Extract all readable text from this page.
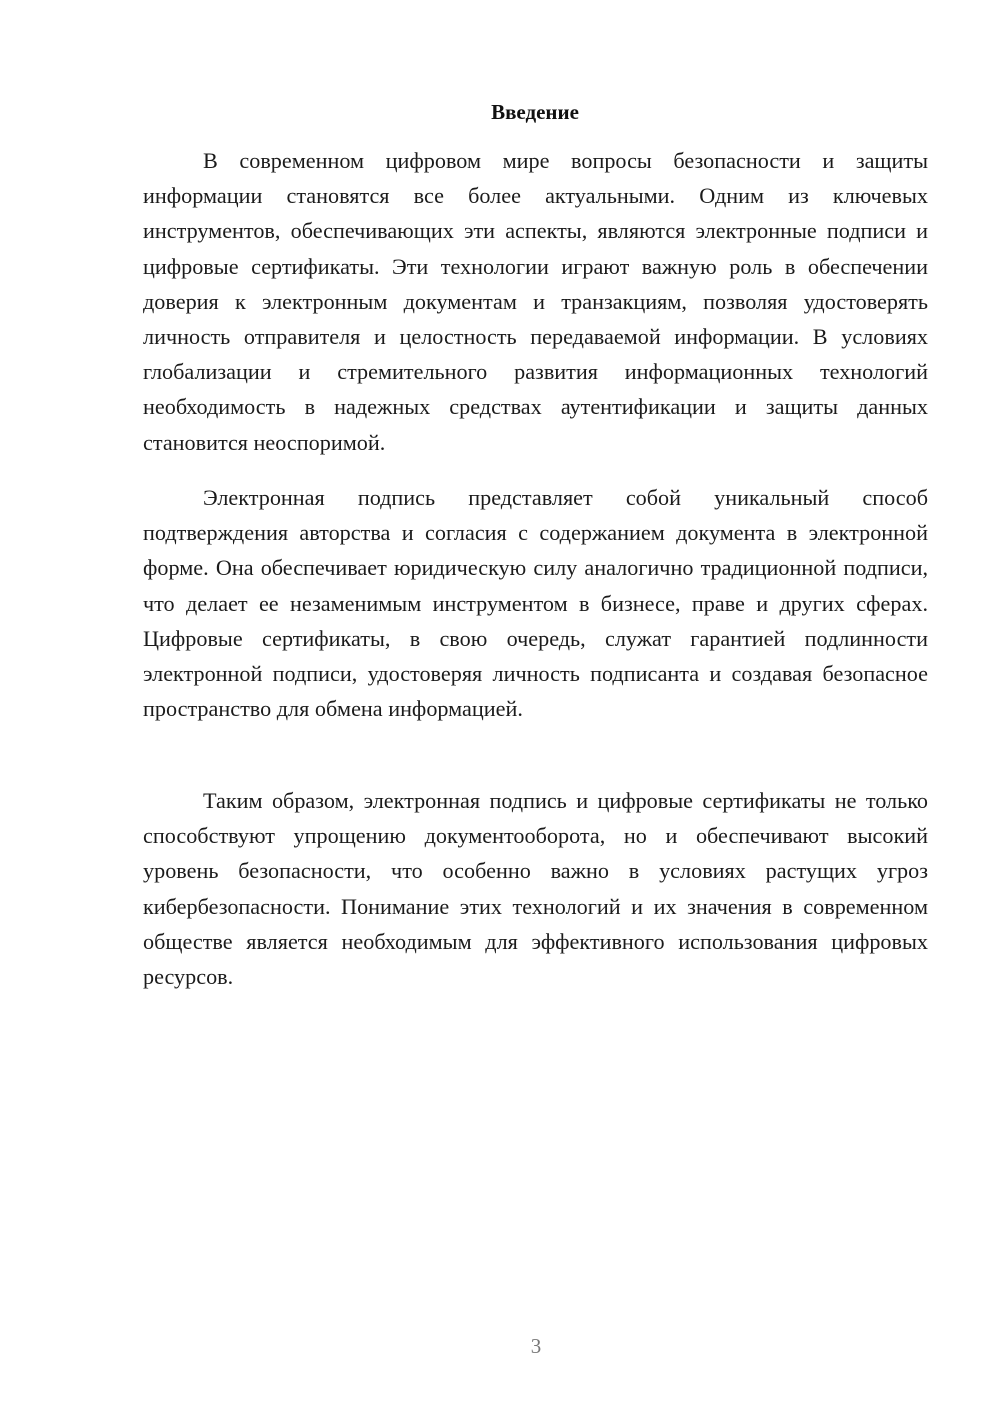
Введение

В современном цифровом мире вопросы безопасности и защиты информации становятся все более актуальными. Одним из ключевых инструментов, обеспечивающих эти аспекты, являются электронные подписи и цифровые сертификаты. Эти технологии играют важную роль в обеспечении доверия к электронным документам и транзакциям, позволяя удостоверять личность отправителя и целостность передаваемой информации. В условиях глобализации и стремительного развития информационных технологий необходимость в надежных средствах аутентификации и защиты данных становится неоспоримой.

Электронная подпись представляет собой уникальный способ подтверждения авторства и согласия с содержанием документа в электронной форме. Она обеспечивает юридическую силу аналогично традиционной подписи, что делает ее незаменимым инструментом в бизнесе, праве и других сферах. Цифровые сертификаты, в свою очередь, служат гарантией подлинности электронной подписи, удостоверяя личность подписанта и создавая безопасное пространство для обмена информацией.

Таким образом, электронная подпись и цифровые сертификаты не только способствуют упрощению документооборота, но и обеспечивают высокий уровень безопасности, что особенно важно в условиях растущих угроз кибербезопасности. Понимание этих технологий и их значения в современном обществе является необходимым для эффективного использования цифровых ресурсов.

3
